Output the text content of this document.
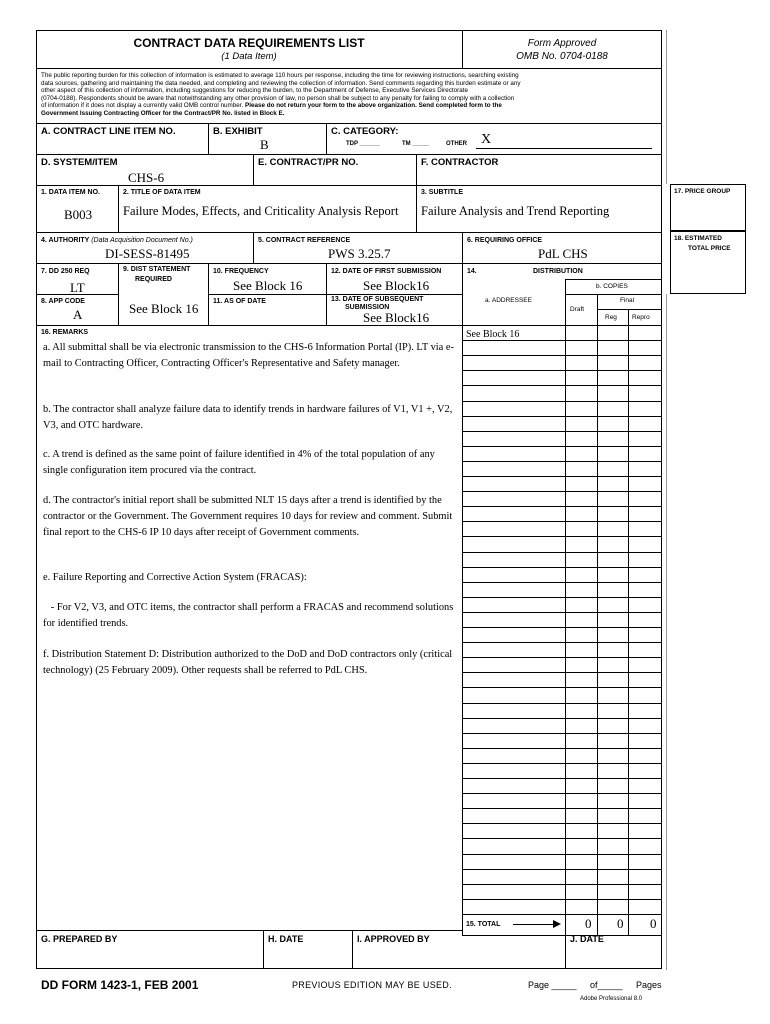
CONTRACT DATA REQUIREMENTS LIST
(1 Data Item)
Form Approved
OMB No. 0704-0188
The public reporting burden for this collection of information is estimated to average 110 hours per response, including the time for reviewing instructions, searching existing
data sources, gathering and maintaining the data needed, and completing and reviewing the collection of information. Send comments regarding this burden estimate or any
other aspect of this collection of information, including suggestions for reducing the burden, to the Department of Defense, Executive Services Directorate
(0704-0188). Respondents should be aware that notwithstanding any other provision of law, no person shall be subject to any penalty for failing to comply with a collection
of information if it does not display a currently valid OMB control number. Please do not return your form to the above organization. Send completed form to the
Government Issuing Contracting Officer for the Contract/PR No. listed in Block E.
A. CONTRACT LINE ITEM NO.	B. EXHIBIT
B
C. CATEGORY:
TDP ______	TM _____	OTHER X
D. SYSTEM/ITEM
CHS-6
E. CONTRACT/PR NO.	F. CONTRACTOR
1. DATA ITEM NO.
B003
2. TITLE OF DATA ITEM
Failure Modes, Effects, and Criticality Analysis Report
3. SUBTITLE
Failure Analysis and Trend Reporting
4. AUTHORITY (Data Acquisition Document No.)
DI-SESS-81495
5. CONTRACT REFERENCE
PWS 3.25.7
6. REQUIRING OFFICE
PdL CHS
7. DD 250 REQ
LT
8. APP CODE
A
9. DIST STATEMENT
REQUIRED
See Block 16
10. FREQUENCY
See Block 16
11. AS OF DATE
12. DATE OF FIRST SUBMISSION
See Block16
13. DATE OF SUBSEQUENT
SUBMISSION
See Block16
14.	DISTRIBUTION
a. ADDRESSEE
b. COPIES
Draft
Final
Reg Repro
See Block 16
15. TOTAL	0 0 0
16. REMARKS
a. All submittal shall be via electronic transmission to the CHS-6 Information Portal (IP). LT via e-mail to Contracting Officer, Contracting Officer's Representative and Safety manager.
b. The contractor shall analyze failure data to identify trends in hardware failures of V1, V1 +, V2, V3, and OTC hardware.
c. A trend is defined as the same point of failure identified in 4% of the total population of any single configuration item procured via the contract.
d. The contractor's initial report shall be submitted NLT 15 days after a trend is identified by the contractor or the Government. The Government requires 10 days for review and comment. Submit final report to the CHS-6 IP 10 days after receipt of Government comments.
e. Failure Reporting and Corrective Action System (FRACAS):
- For V2, V3, and OTC items, the contractor shall perform a FRACAS and recommend solutions for identified trends.
f. Distribution Statement D: Distribution authorized to the DoD and DoD contractors only (critical technology) (25 February 2009). Other requests shall be referred to PdL CHS.
G. PREPARED BY	H. DATE	I. APPROVED BY	J. DATE
17. PRICE GROUP
18. ESTIMATED
TOTAL PRICE
DD FORM 1423-1, FEB 2001	PREVIOUS EDITION MAY BE USED.	Page _____ of_____ Pages
Adobe Professional 8.0
